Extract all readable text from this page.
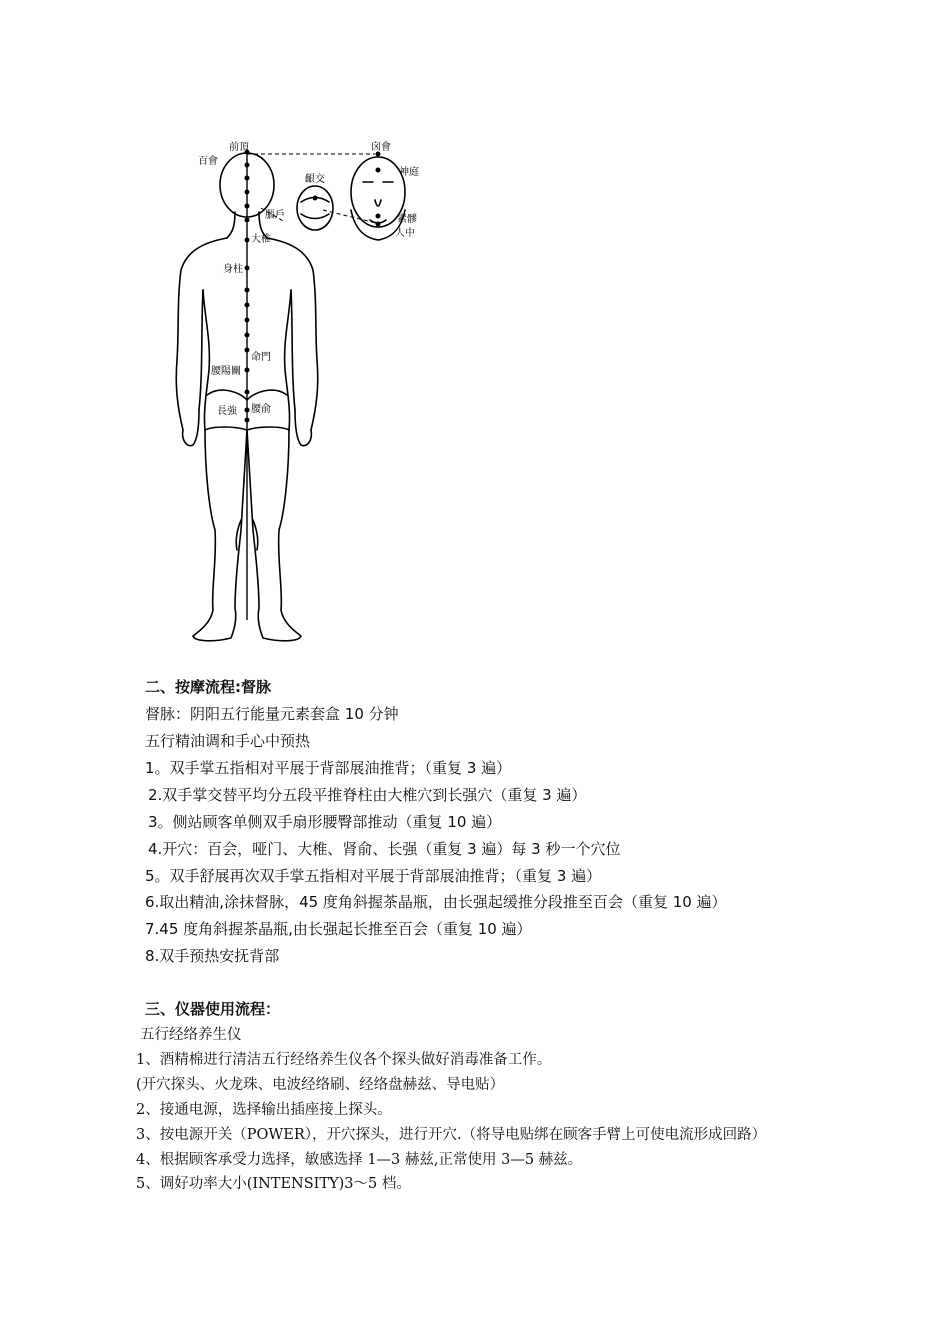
前頂
百會
囟會
神庭
齦交
腦戶
大椎
素髎
人中
身柱
命門
腰陽關
長強 腰俞
二、按摩流程:督脉
督脉：阴阳五行能量元素套盒 10 分钟
五行精油调和手心中预热
1。双手掌五指相对平展于背部展油推背；（重复 3 遍）
2.双手掌交替平均分五段平推脊柱由大椎穴到长强穴（重复 3 遍）
3。侧站顾客单侧双手扇形腰臀部推动（重复 10 遍）
4.开穴：百会，哑门、大椎、肾俞、长强（重复 3 遍）每 3 秒一个穴位
5。双手舒展再次双手掌五指相对平展于背部展油推背；（重复 3 遍）
6.取出精油,涂抹督脉，45 度角斜握茶晶瓶，由长强起缓推分段推至百会（重复 10 遍）
7.45 度角斜握茶晶瓶,由长强起长推至百会（重复 10 遍）
8.双手预热安抚背部
三、仪器使用流程：
五行经络养生仪
1、酒精棉进行清洁五行经络养生仪各个探头做好消毒准备工作。
(开穴探头、火龙珠、电波经络刷、经络盘赫兹、导电贴）
2、接通电源，选择输出插座接上探头。
3、按电源开关（POWER），开穴探头，进行开穴.（将导电贴绑在顾客手臂上可使电流形成回路）
4、根据顾客承受力选择，敏感选择 1—3 赫兹,正常使用 3—5 赫兹。
5、调好功率大小(INTENSITY)3～5 档。
